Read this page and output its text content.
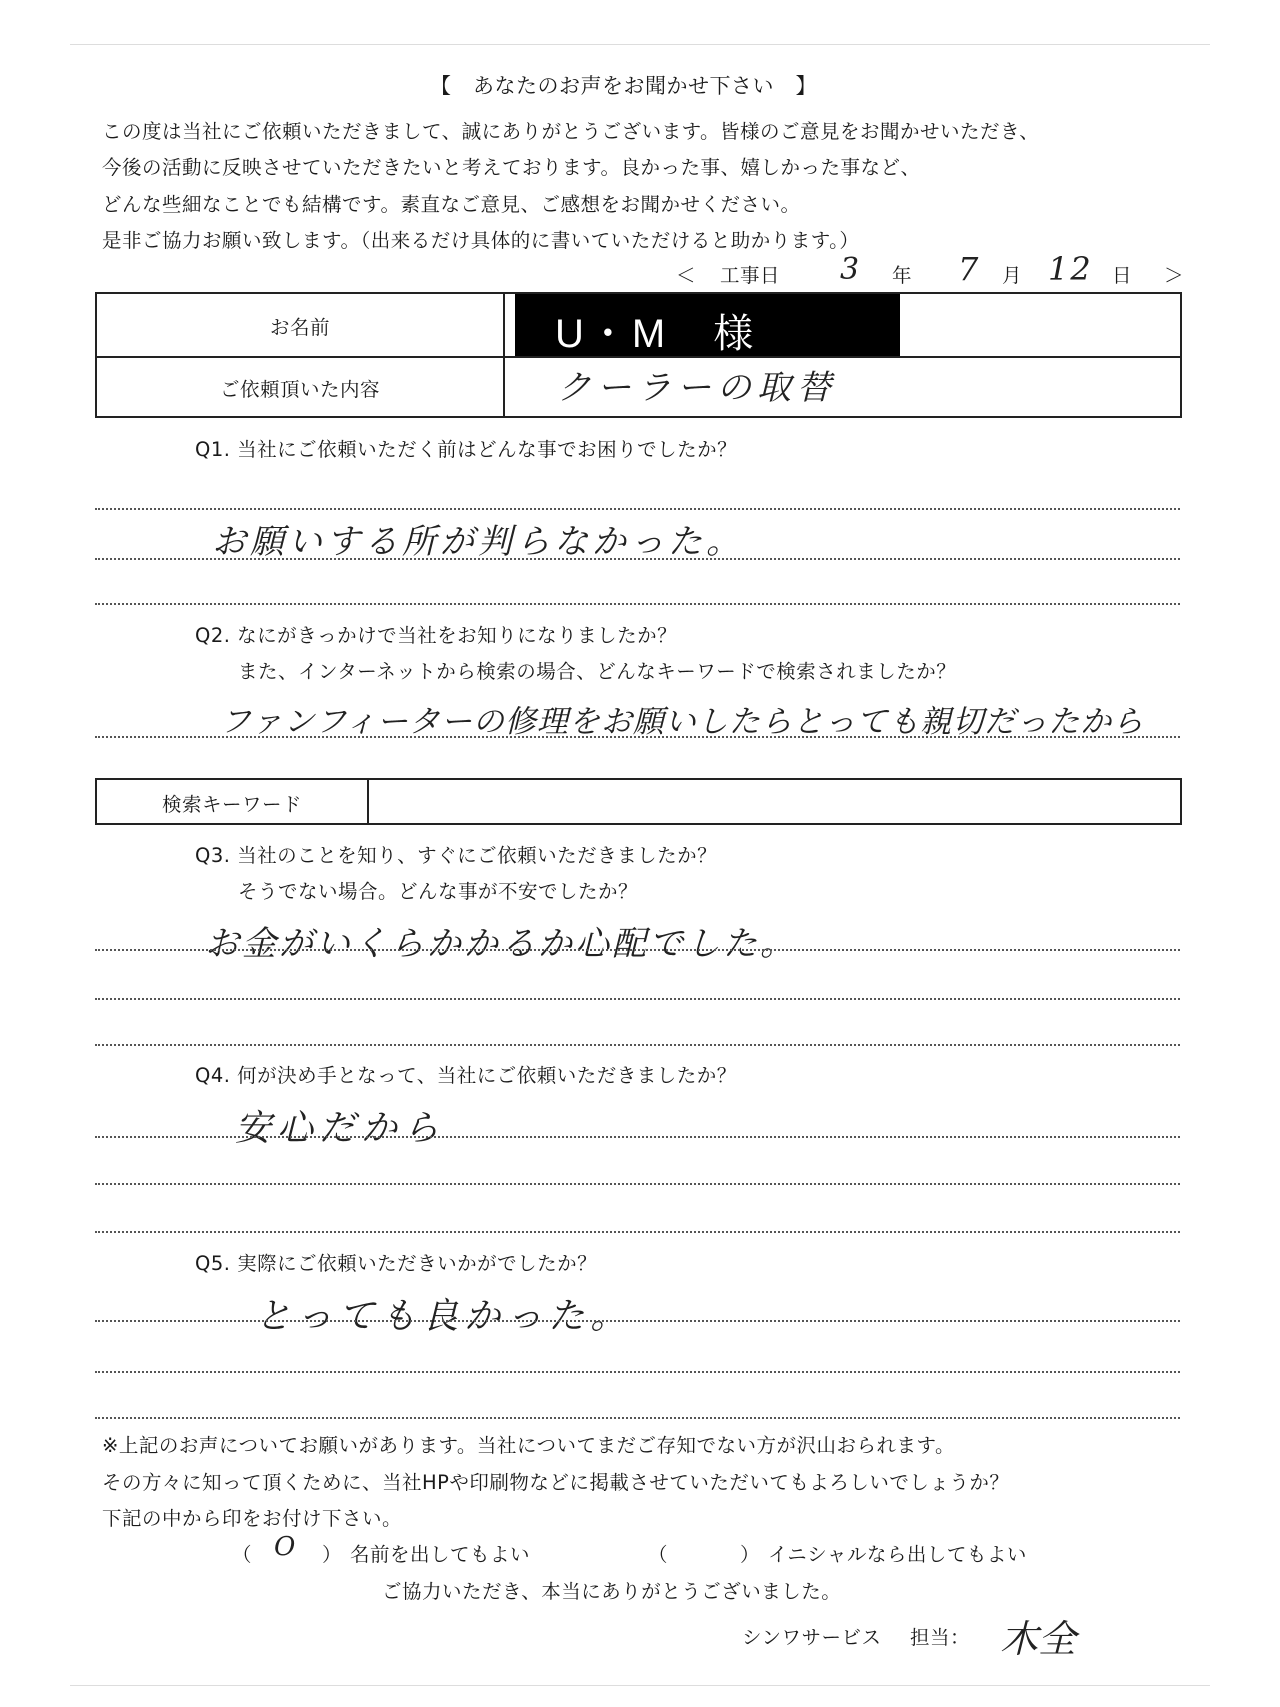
【　あなたのお声をお聞かせ下さい　】
この度は当社にご依頼いただきまして、誠にありがとうございます。皆様のご意見をお聞かせいただき、
今後の活動に反映させていただきたいと考えております。良かった事、嬉しかった事など、
どんな些細なことでも結構です。素直なご意見、ご感想をお聞かせください。
是非ご協力お願い致します。（出来るだけ具体的に書いていただけると助かります。）
＜ 工事日 3 年 7 月 12 日 ＞
お名前	U・M　様
ご依頼頂いた内容	クーラーの取替
Q1. 当社にご依頼いただく前はどんな事でお困りでしたか？
お願いする所が判らなかった。
Q2. なにがきっかけで当社をお知りになりましたか？
また、インターネットから検索の場合、どんなキーワードで検索されましたか？
ファンフィーターの修理をお願いしたらとっても親切だったから
検索キーワード
Q3. 当社のことを知り、すぐにご依頼いただきましたか？
そうでない場合。どんな事が不安でしたか？
お金がいくらかかるか心配でした。
Q4. 何が決め手となって、当社にご依頼いただきましたか？
安心だから
Q5. 実際にご依頼いただきいかがでしたか？
とっても良かった。
※上記のお声についてお願いがあります。当社についてまだご存知でない方が沢山おられます。
その方々に知って頂くために、当社HPや印刷物などに掲載させていただいてもよろしいでしょうか？
下記の中から印をお付け下さい。
（ O ） 名前を出してもよい	（	） イニシャルなら出してもよい
ご協力いただき、本当にありがとうございました。
シンワサービス 担当： 木全
